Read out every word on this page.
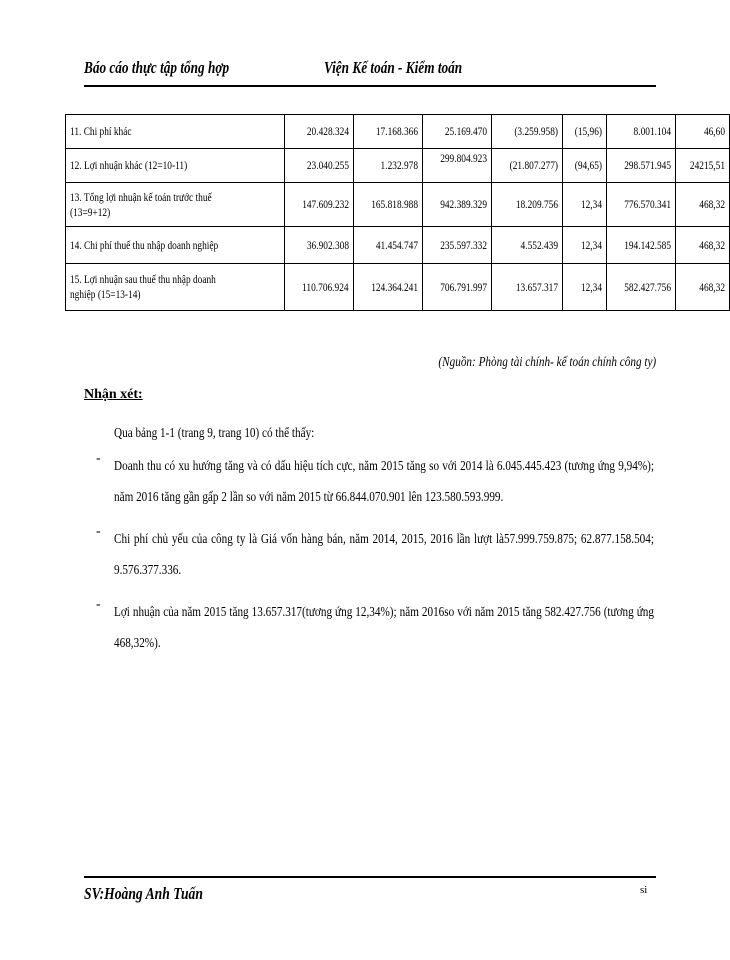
Báo cáo thực tập tổng hợp	Viện Kế toán - Kiểm toán
11. Chi phí khác	20.428.324	17.168.366	25.169.470	(3.259.958)	(15,96)	8.001.104	46,60
12. Lợi nhuận khác (12=10-11)	23.040.255	1.232.978	299.804.923	(21.807.277)	(94,65)	298.571.945	24215,51
13. Tổng lợi nhuận kế toán trước thuế (13=9+12)	147.609.232	165.818.988	942.389.329	18.209.756	12,34	776.570.341	468,32
14. Chi phí thuế thu nhập doanh nghiệp	36.902.308	41.454.747	235.597.332	4.552.439	12,34	194.142.585	468,32
15. Lợi nhuận sau thuế thu nhập doanh nghiệp (15=13-14)	110.706.924	124.364.241	706.791.997	13.657.317	12,34	582.427.756	468,32
(Nguồn: Phòng tài chính- kế toán chính công ty)
Nhận xét:
Qua bảng 1-1 (trang 9, trang 10) có thể thấy:
-
Doanh thu có xu hướng tăng và có dấu hiệu tích cực, năm 2015 tăng so với 2014 là 6.045.445.423 (tương ứng 9,94%); năm 2016 tăng gần gấp 2 lần so với năm 2015 từ 66.844.070.901 lên 123.580.593.999.
-
Chi phí chủ yếu của công ty là Giá vốn hàng bán, năm 2014, 2015, 2016 lần lượt là57.999.759.875; 62.877.158.504; 9.576.377.336.
-
Lợi nhuận của năm 2015 tăng 13.657.317(tương ứng 12,34%); năm 2016so với năm 2015 tăng 582.427.756 (tương ứng 468,32%).
SV:Hoàng Anh Tuấn	si
